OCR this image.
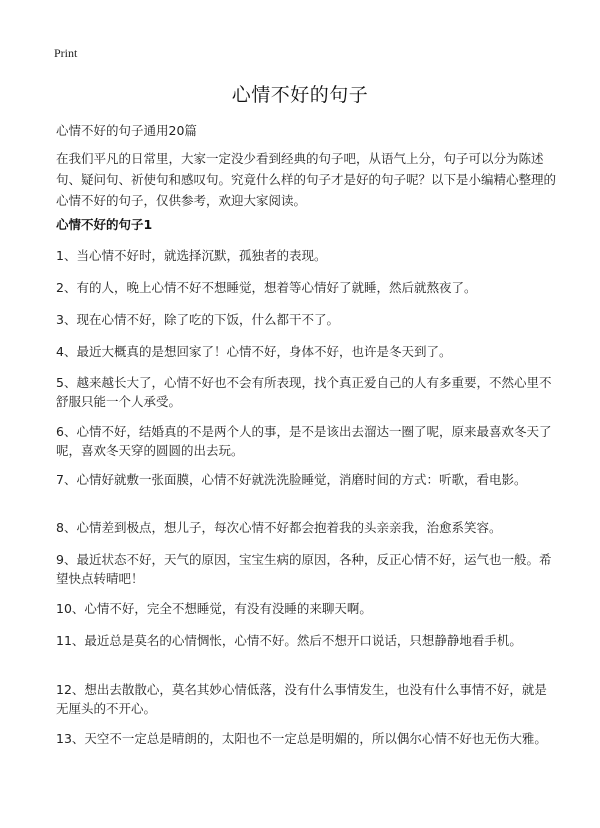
Print
心情不好的句子

心情不好的句子通用20篇

在我们平凡的日常里，大家一定没少看到经典的句子吧，从语气上分，句子可以分为陈述句、疑问句、祈使句和感叹句。究竟什么样的句子才是好的句子呢？以下是小编精心整理的心情不好的句子，仅供参考，欢迎大家阅读。

心情不好的句子1

1、当心情不好时，就选择沉默，孤独者的表现。
2、有的人，晚上心情不好不想睡觉，想着等心情好了就睡，然后就熬夜了。
3、现在心情不好，除了吃的下饭，什么都干不了。
4、最近大概真的是想回家了！心情不好，身体不好，也许是冬天到了。
5、越来越长大了，心情不好也不会有所表现，找个真正爱自己的人有多重要，不然心里不舒服只能一个人承受。
6、心情不好，结婚真的不是两个人的事，是不是该出去溜达一圈了呢，原来最喜欢冬天了呢，喜欢冬天穿的圆圆的出去玩。
7、心情好就敷一张面膜，心情不好就洗洗脸睡觉，消磨时间的方式：听歌，看电影。
8、心情差到极点，想儿子，每次心情不好都会抱着我的头亲亲我，治愈系笑容。
9、最近状态不好，天气的原因，宝宝生病的原因，各种，反正心情不好，运气也一般。希望快点转晴吧！
10、心情不好，完全不想睡觉，有没有没睡的来聊天啊。
11、最近总是莫名的心情惆怅，心情不好。然后不想开口说话，只想静静地看手机。
12、想出去散散心，莫名其妙心情低落，没有什么事情发生，也没有什么事情不好，就是无厘头的不开心。
13、天空不一定总是晴朗的，太阳也不一定总是明媚的，所以偶尔心情不好也无伤大雅。
